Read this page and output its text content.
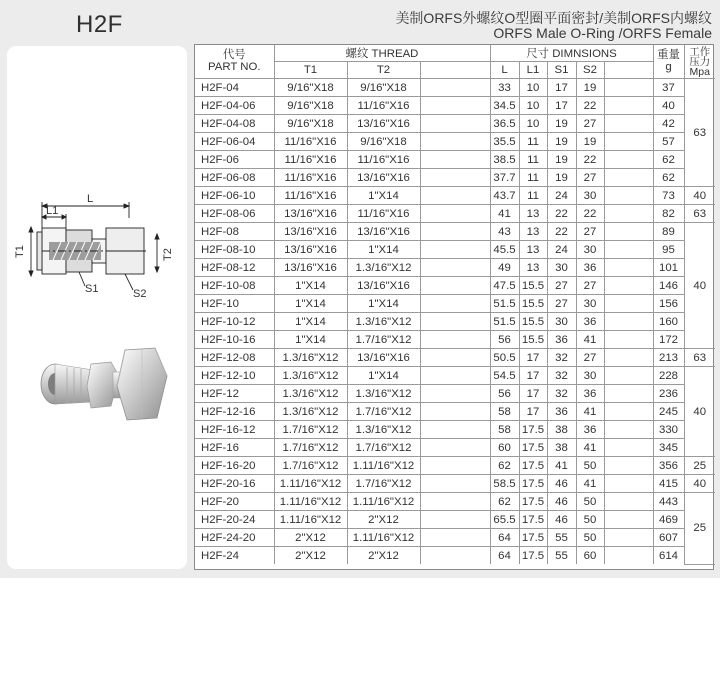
H2F	美制ORFS外螺纹O型圈平面密封/美制ORFS内螺纹
ORFS Male O-Ring /ORFS Female
L
L1
T1	T2
S1	S2
代号
PART NO.	螺纹 THREAD			尺寸 DIMNSIONS					重量
g	工作
压力
Mpa

	T1	T2		L	L1	S1	S2			
H2F-04	9/16"X18	9/16"X18		33	10	17	19		37	63
H2F-04-06	9/16"X18	11/16"X16		34.5	10	17	22		40	
H2F-04-08	9/16"X18	13/16"X16		36.5	10	19	27		42	
H2F-06-04	11/16"X16	9/16"X18		35.5	11	19	19		57	
H2F-06	11/16"X16	11/16"X16		38.5	11	19	22		62	
H2F-06-08	11/16"X16	13/16"X16		37.7	11	19	27		62	
H2F-06-10	11/16"X16	1"X14		43.7	11	24	30		73	40
H2F-08-06	13/16"X16	11/16"X16		41	13	22	22		82	63
H2F-08	13/16"X16	13/16"X16		43	13	22	27		89	40
H2F-08-10	13/16"X16	1"X14		45.5	13	24	30		95	
H2F-08-12	13/16"X16	1.3/16"X12		49	13	30	36		101	
H2F-10-08	1"X14	13/16"X16		47.5	15.5	27	27		146	
H2F-10	1"X14	1"X14		51.5	15.5	27	30		156	
H2F-10-12	1"X14	1.3/16"X12		51.5	15.5	30	36		160	
H2F-10-16	1"X14	1.7/16"X12		56	15.5	36	41		172	
H2F-12-08	1.3/16"X12	13/16"X16		50.5	17	32	27		213	63
H2F-12-10	1.3/16"X12	1"X14		54.5	17	32	30		228	40
H2F-12	1.3/16"X12	1.3/16"X12		56	17	32	36		236	
H2F-12-16	1.3/16"X12	1.7/16"X12		58	17	36	41		245	
H2F-16-12	1.7/16"X12	1.3/16"X12		58	17.5	38	36		330	
H2F-16	1.7/16"X12	1.7/16"X12		60	17.5	38	41		345	
H2F-16-20	1.7/16"X12	1.11/16"X12		62	17.5	41	50		356	25
H2F-20-16	1.11/16"X12	1.7/16"X12		58.5	17.5	46	41		415	40
H2F-20	1.11/16"X12	1.11/16"X12		62	17.5	46	50		443	25
H2F-20-24	1.11/16"X12	2"X12		65.5	17.5	46	50		469	
H2F-24-20	2"X12	1.11/16"X12		64	17.5	55	50		607	
H2F-24	2"X12	2"X12		64	17.5	55	60		614	
